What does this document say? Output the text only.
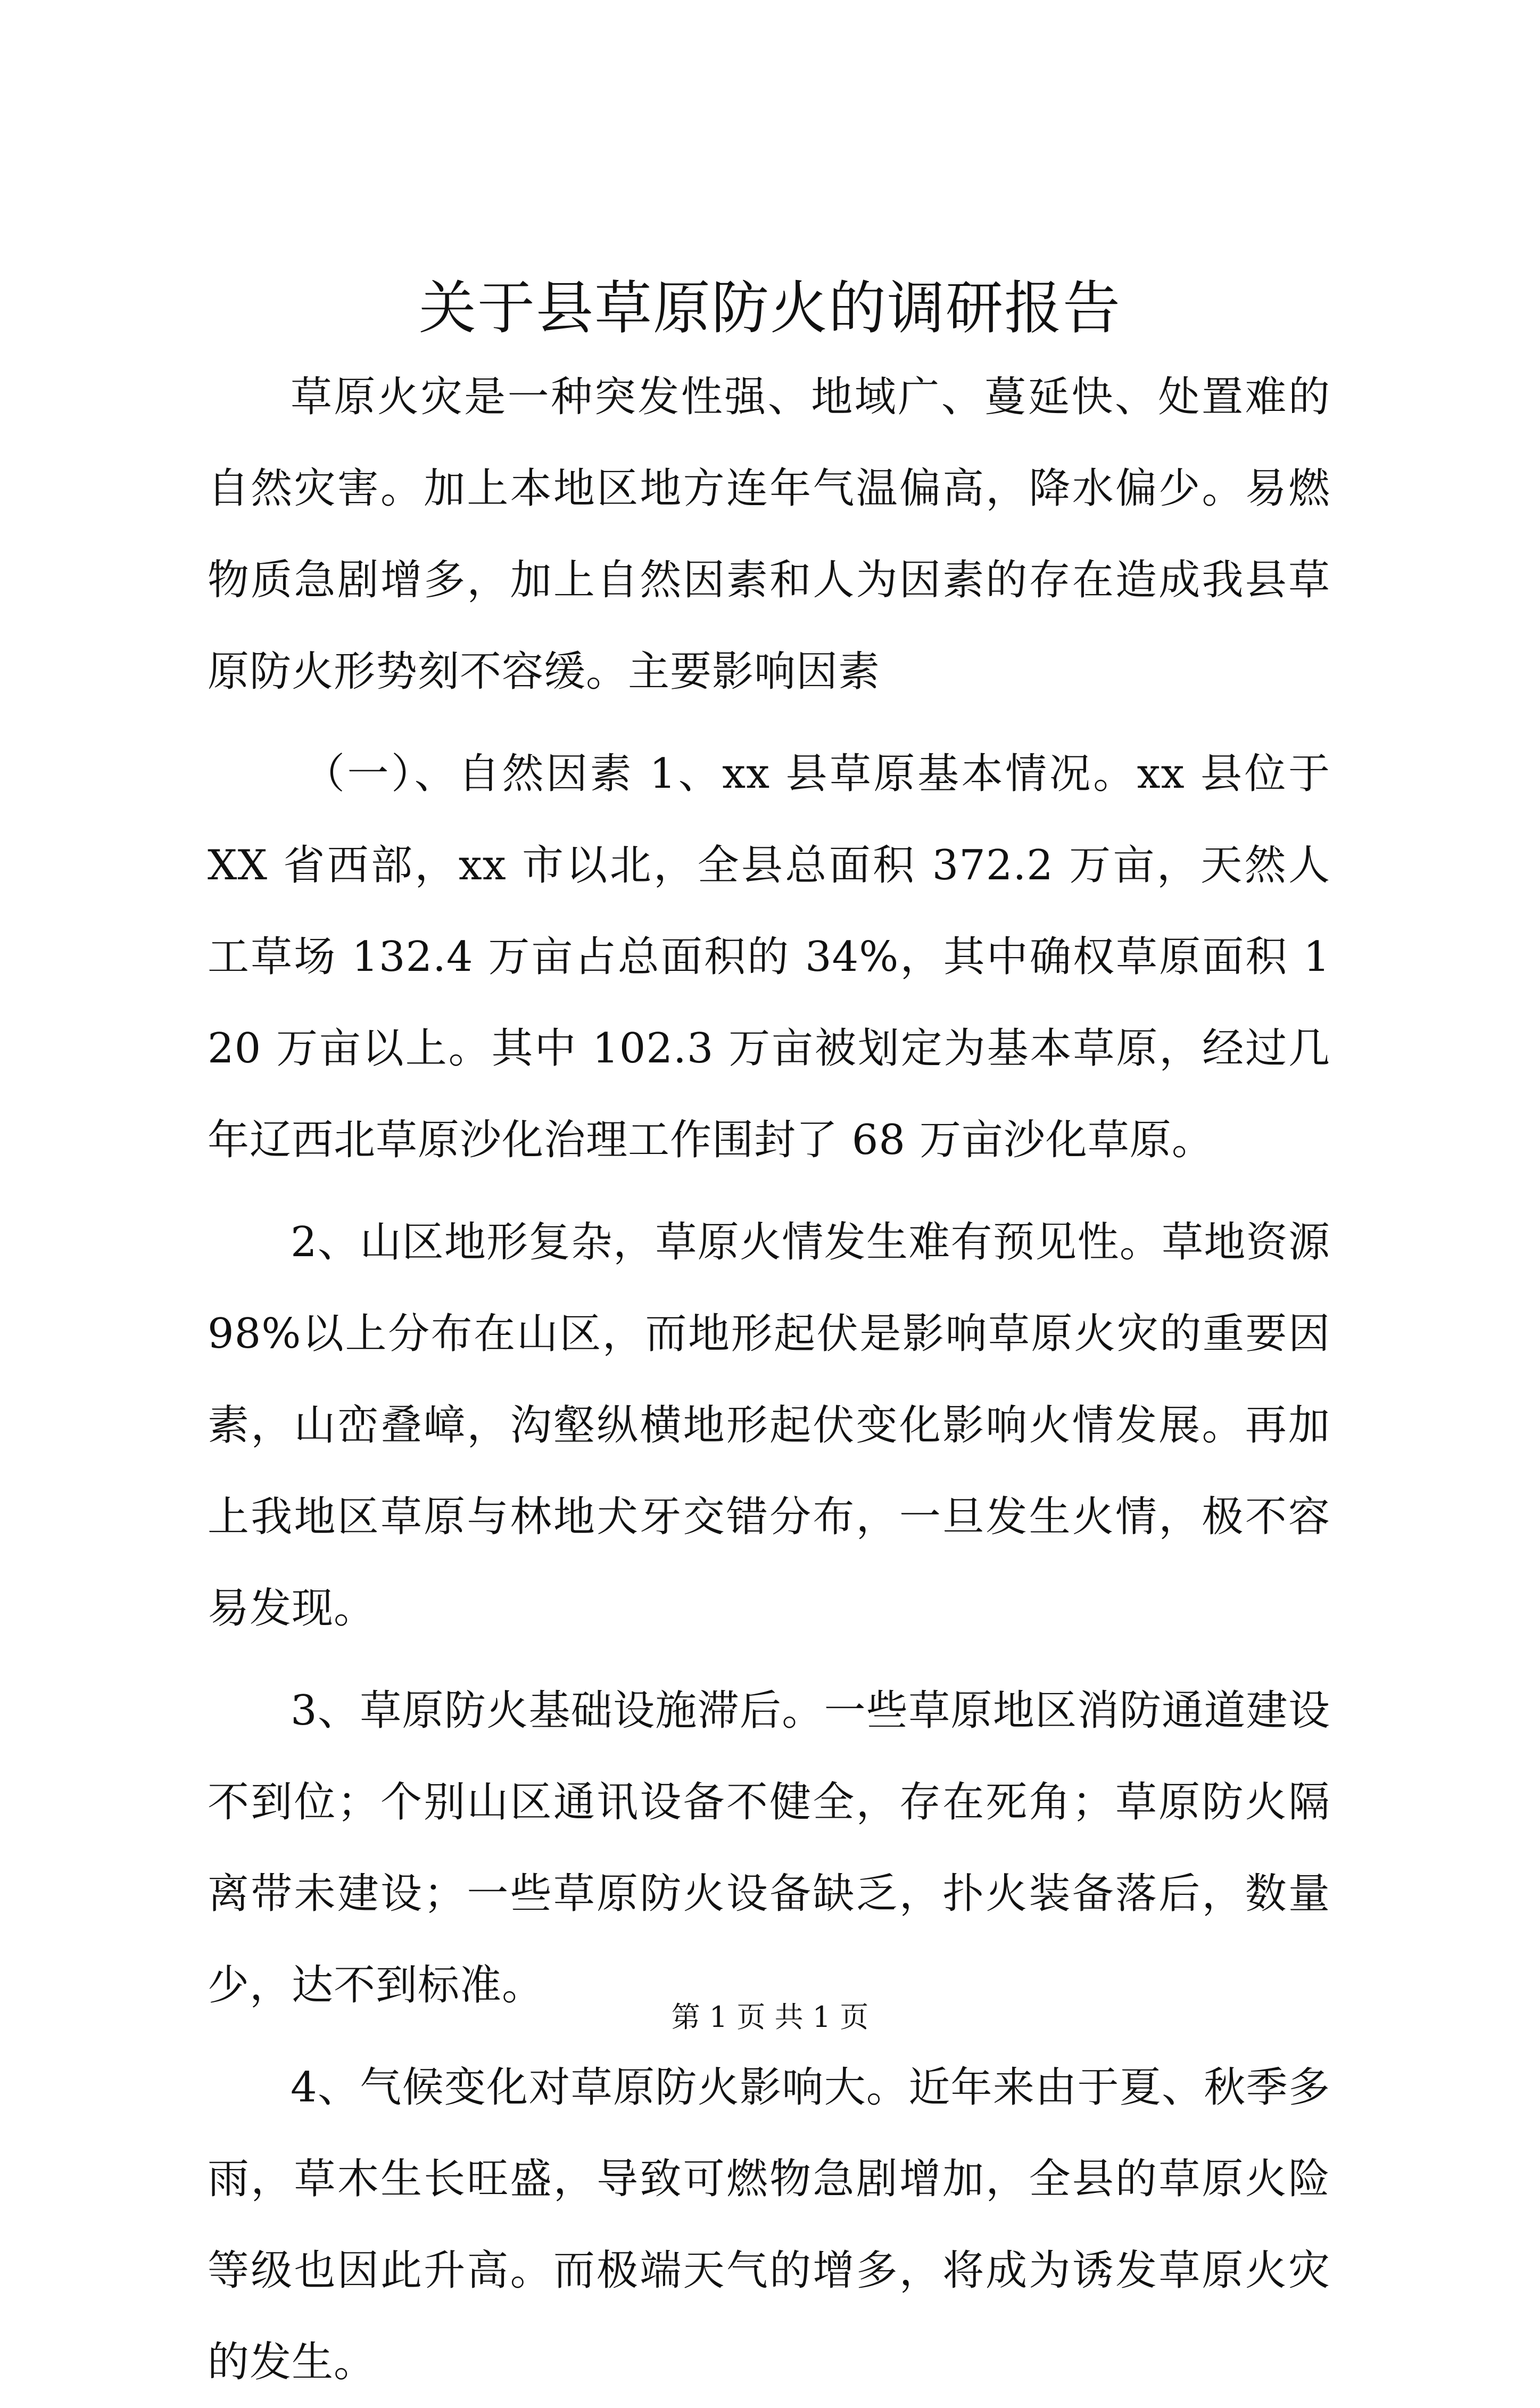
关于县草原防火的调研报告

草原火灾是一种突发性强、地域广、蔓延快、处置难的自然灾害。加上本地区地方连年气温偏高，降水偏少。易燃物质急剧增多，加上自然因素和人为因素的存在造成我县草原防火形势刻不容缓。主要影响因素

（一）、自然因素 1、xx 县草原基本情况。xx 县位于 XX 省西部，xx 市以北，全县总面积 372.2 万亩，天然人工草场 132.4 万亩占总面积的 34%，其中确权草原面积 120 万亩以上。其中 102.3 万亩被划定为基本草原，经过几年辽西北草原沙化治理工作围封了 68 万亩沙化草原。

2、山区地形复杂，草原火情发生难有预见性。草地资源 98%以上分布在山区，而地形起伏是影响草原火灾的重要因素，山峦叠嶂，沟壑纵横地形起伏变化影响火情发展。再加上我地区草原与林地犬牙交错分布，一旦发生火情，极不容易发现。

3、草原防火基础设施滞后。一些草原地区消防通道建设不到位；个别山区通讯设备不健全，存在死角；草原防火隔离带未建设；一些草原防火设备缺乏，扑火装备落后，数量少，达不到标准。

4、气候变化对草原防火影响大。近年来由于夏、秋季多雨，草木生长旺盛，导致可燃物急剧增加，全县的草原火险等级也因此升高。而极端天气的增多，将成为诱发草原火灾的发生。

第 1 页 共 1 页
